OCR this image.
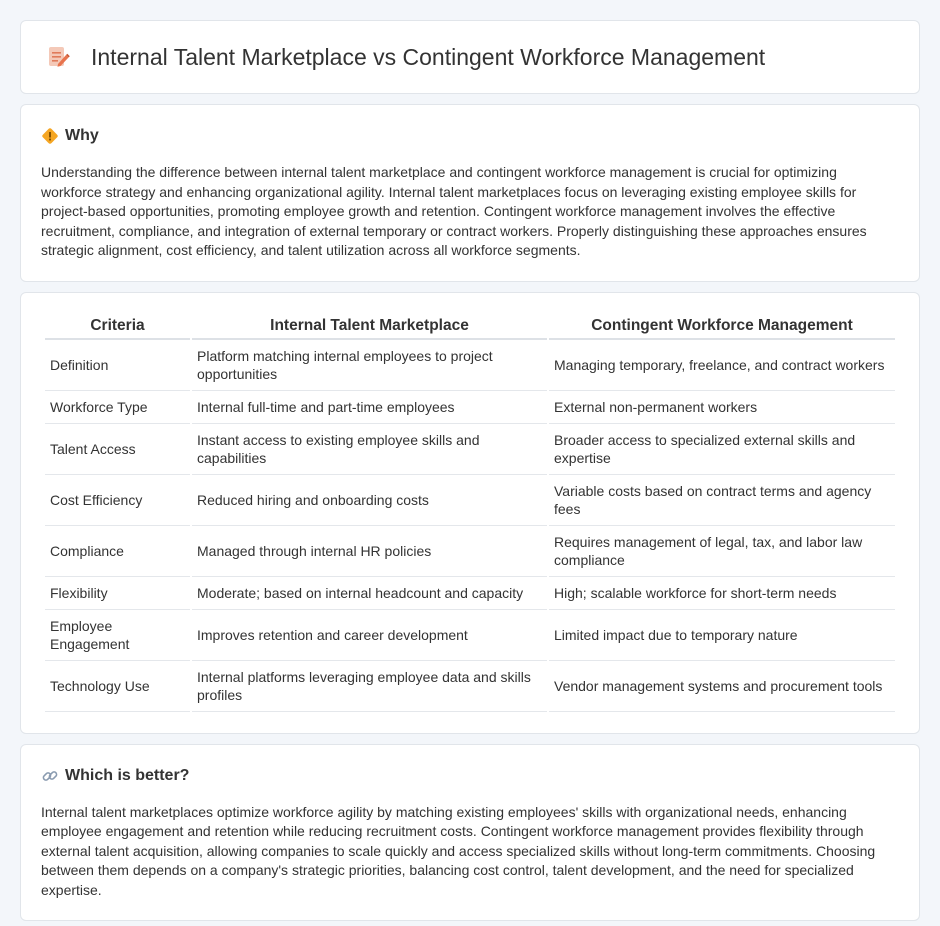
Internal Talent Marketplace vs Contingent Workforce Management
Why

Understanding the difference between internal talent marketplace and contingent workforce management is crucial for optimizing workforce strategy and enhancing organizational agility. Internal talent marketplaces focus on leveraging existing employee skills for project-based opportunities, promoting employee growth and retention. Contingent workforce management involves the effective recruitment, compliance, and integration of external temporary or contract workers. Properly distinguishing these approaches ensures strategic alignment, cost efficiency, and talent utilization across all workforce segments.

Criteria	Internal Talent Marketplace	Contingent Workforce Management
Definition	Platform matching internal employees to project opportunities	Managing temporary, freelance, and contract workers
Workforce Type	Internal full-time and part-time employees	External non-permanent workers
Talent Access	Instant access to existing employee skills and capabilities	Broader access to specialized external skills and expertise
Cost Efficiency	Reduced hiring and onboarding costs	Variable costs based on contract terms and agency fees
Compliance	Managed through internal HR policies	Requires management of legal, tax, and labor law compliance
Flexibility	Moderate; based on internal headcount and capacity	High; scalable workforce for short-term needs
Employee Engagement	Improves retention and career development	Limited impact due to temporary nature
Technology Use	Internal platforms leveraging employee data and skills profiles	Vendor management systems and procurement tools
Which is better?

Internal talent marketplaces optimize workforce agility by matching existing employees' skills with organizational needs, enhancing employee engagement and retention while reducing recruitment costs. Contingent workforce management provides flexibility through external talent acquisition, allowing companies to scale quickly and access specialized skills without long-term commitments. Choosing between them depends on a company's strategic priorities, balancing cost control, talent development, and the need for specialized expertise.
